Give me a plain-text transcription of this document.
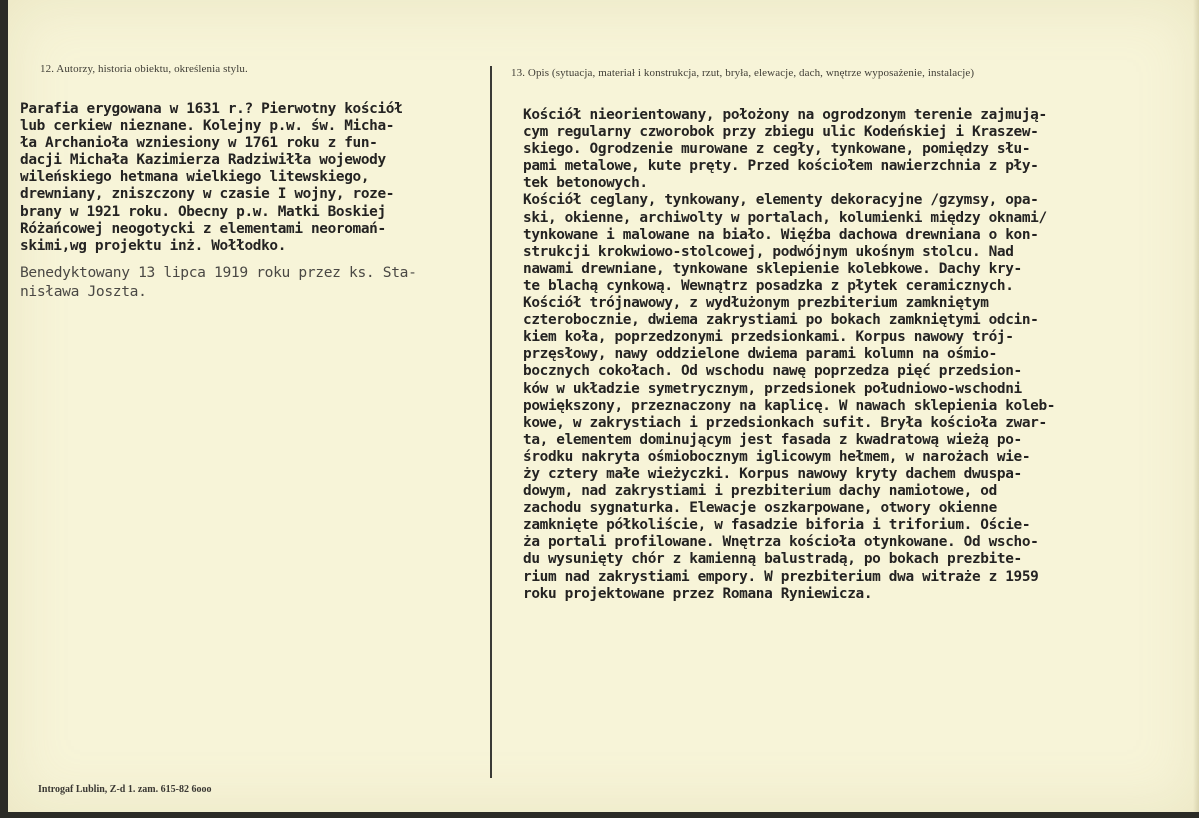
12. Autorzy, historia obiektu, określenia stylu.	13. Opis (sytuacja, materiał i konstrukcja, rzut, bryła, elewacje, dach, wnętrze wyposażenie, instalacje)
Parafia erygowana w 1631 r.? Pierwotny kościół
lub cerkiew nieznane. Kolejny p.w. św. Micha-
ła Archanioła wzniesiony w 1761 roku z fun-
dacji Michała Kazimierza Radziwiłła wojewody
wileńskiego hetmana wielkiego litewskiego,
drewniany, zniszczony w czasie I wojny, roze-
brany w 1921 roku. Obecny p.w. Matki Boskiej
Różańcowej neogotycki z elementami neoromań-
skimi,wg projektu inż. Wołłodko.
Benedyktowany 13 lipca 1919 roku przez ks. Sta-
nisława Joszta.
Kościół nieorientowany, położony na ogrodzonym terenie zajmują-
cym regularny czworobok przy zbiegu ulic Kodeńskiej i Kraszew-
skiego. Ogrodzenie murowane z cegły, tynkowane, pomiędzy słu-
pami metalowe, kute pręty. Przed kościołem nawierzchnia z pły-
tek betonowych.
Kościół ceglany, tynkowany, elementy dekoracyjne /gzymsy, opa-
ski, okienne, archiwolty w portalach, kolumienki między oknami/
tynkowane i malowane na biało. Więźba dachowa drewniana o kon-
strukcji krokwiowo-stolcowej, podwójnym ukośnym stolcu. Nad
nawami drewniane, tynkowane sklepienie kolebkowe. Dachy kry-
te blachą cynkową. Wewnątrz posadzka z płytek ceramicznych.
Kościół trójnawowy, z wydłużonym prezbiterium zamkniętym
czterobocznie, dwiema zakrystiami po bokach zamkniętymi odcin-
kiem koła, poprzedzonymi przedsionkami. Korpus nawowy trój-
przęsłowy, nawy oddzielone dwiema parami kolumn na ośmio-
bocznych cokołach. Od wschodu nawę poprzedza pięć przedsion-
ków w układzie symetrycznym, przedsionek południowo-wschodni
powiększony, przeznaczony na kaplicę. W nawach sklepienia koleb-
kowe, w zakrystiach i przedsionkach sufit. Bryła kościoła zwar-
ta, elementem dominującym jest fasada z kwadratową wieżą po-
środku nakryta ośmiobocznym iglicowym hełmem, w narożach wie-
ży cztery małe wieżyczki. Korpus nawowy kryty dachem dwuspa-
dowym, nad zakrystiami i prezbiterium dachy namiotowe, od
zachodu sygnaturka. Elewacje oszkarpowane, otwory okienne
zamknięte półkoliście, w fasadzie biforia i triforium. Oście-
ża portali profilowane. Wnętrza kościoła otynkowane. Od wscho-
du wysunięty chór z kamienną balustradą, po bokach prezbite-
rium nad zakrystiami empory. W prezbiterium dwa witraże z 1959
roku projektowane przez Romana Ryniewicza.
Introgaf Lublin, Z-d 1. zam. 615-82 6ooo
